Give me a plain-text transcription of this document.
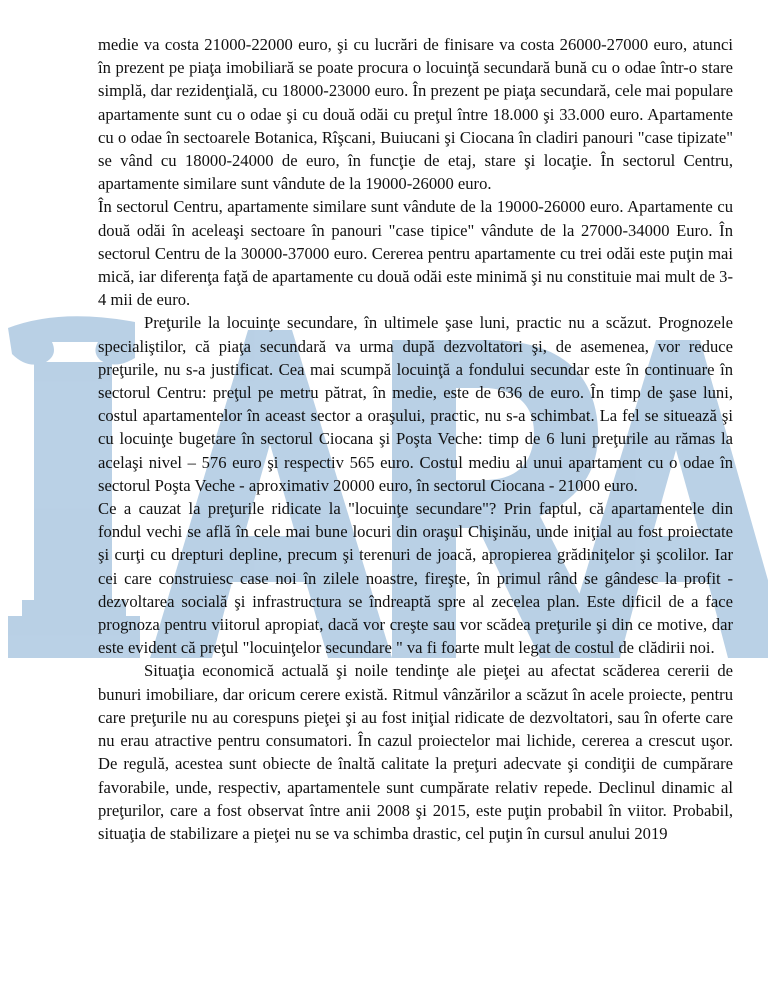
medie va costa 21000-22000 euro, şi cu lucrări de finisare va costa 26000-27000 euro, atunci în prezent pe piaţa imobiliară se poate procura o locuinţă secundară bună cu o odae într-o stare simplă, dar rezidenţială, cu 18000-23000 euro. În prezent pe piaţa secundară, cele mai populare apartamente sunt cu o odae şi cu două odăi cu preţul între 18.000 şi 33.000 euro. Apartamente cu o odae în sectoarele Botanica, Rîşcani, Buiucani şi Ciocana în cladiri panouri "case tipizate" se vând cu 18000-24000 de euro, în funcţie de etaj, stare şi locaţie. În sectorul Centru, apartamente similare sunt vândute de la 19000-26000 euro.

În sectorul Centru, apartamente similare sunt vândute de la 19000-26000 euro. Apartamente cu două odăi în aceleaşi sectoare în panouri "case tipice" vândute de la 27000-34000 Euro. În sectorul Centru de la 30000-37000 euro. Cererea pentru apartamente cu trei odăi este puţin mai mică, iar diferenţa faţă de apartamente cu două odăi este minimă şi nu constituie mai mult de 3-4 mii de euro.

Preţurile la locuinţe secundare, în ultimele şase luni, practic nu a scăzut. Prognozele specialiştilor, că piaţa secundară va urma după dezvoltatori şi, de asemenea, vor reduce preţurile, nu s-a justificat. Cea mai scumpă locuinţă a fondului secundar este în continuare în sectorul Centru: preţul pe metru pătrat, în medie, este de 636 de euro. În timp de şase luni, costul apartamentelor în aceast sector a oraşului, practic, nu s-a schimbat. La fel se situează şi cu locuinţe bugetare în sectorul Ciocana şi Poşta Veche: timp de 6 luni preţurile au rămas la acelaşi nivel – 576 euro şi respectiv 565 euro. Costul mediu al unui apartament cu o odae în sectorul Poşta Veche - aproximativ 20000 euro, în sectorul Ciocana - 21000 euro.

Ce a cauzat la preţurile ridicate la "locuinţe secundare"? Prin faptul, că apartamentele din fondul vechi se află în cele mai bune locuri din oraşul Chişinău, unde iniţial au fost proiectate şi curţi cu drepturi depline, precum şi terenuri de joacă, apropierea grădiniţelor şi şcolilor. Iar cei care construiesc case noi în zilele noastre, fireşte, în primul rând se gândesc la profit - dezvoltarea socială şi infrastructura se îndreaptă spre al zecelea plan. Este dificil de a face prognoza pentru viitorul apropiat, dacă vor creşte sau vor scădea preţurile şi din ce motive, dar este evident că preţul "locuinţelor secundare " va fi foarte mult legat de costul de clădirii noi.

Situaţia economică actuală şi noile tendinţe ale pieţei au afectat scăderea cererii de bunuri imobiliare, dar oricum cerere există. Ritmul vânzărilor a scăzut în acele proiecte, pentru care preţurile nu au corespuns pieţei şi au fost iniţial ridicate de dezvoltatori, sau în oferte care nu erau atractive pentru consumatori. În cazul proiectelor mai lichide, cererea a crescut uşor. De regulă, acestea sunt obiecte de înaltă calitate la preţuri adecvate şi condiţii de cumpărare favorabile, unde, respectiv, apartamentele sunt cumpărate relativ repede. Declinul dinamic al preţurilor, care a fost observat între anii 2008 şi 2015, este puţin probabil în viitor. Probabil, situaţia de stabilizare a pieţei nu se va schimba drastic, cel puţin în cursul anului 2019
